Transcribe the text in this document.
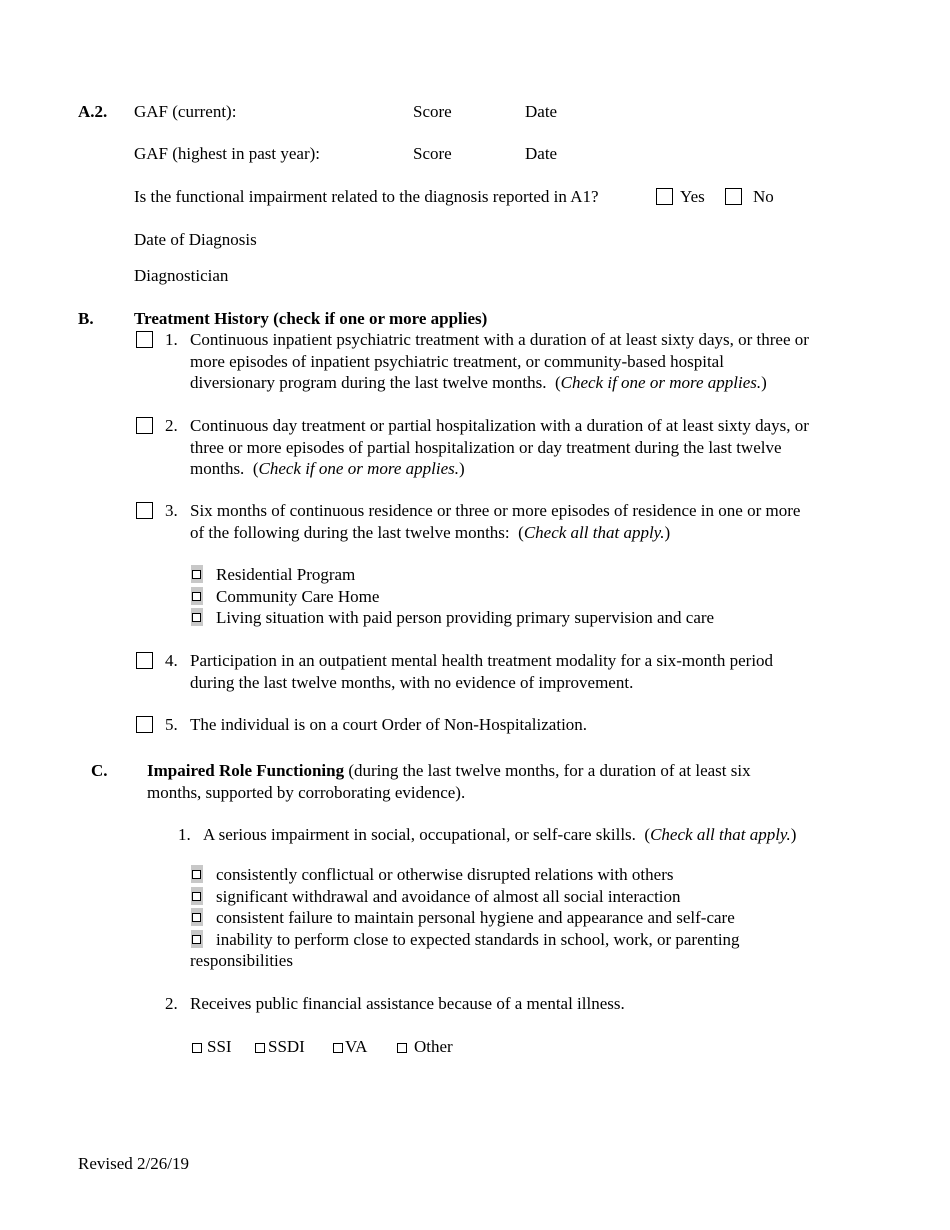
A.2. GAF (current):	Score	Date
GAF (highest in past year):	Score	Date
Is the functional impairment related to the diagnosis reported in A1?	Yes	No
Date of Diagnosis
Diagnostician
B. Treatment History (check if one or more applies)
1. Continuous inpatient psychiatric treatment with a duration of at least sixty days, or three or
more episodes of inpatient psychiatric treatment, or community-based hospital
diversionary program during the last twelve months.  (Check if one or more applies.)
2. Continuous day treatment or partial hospitalization with a duration of at least sixty days, or
three or more episodes of partial hospitalization or day treatment during the last twelve
months.  (Check if one or more applies.)
3. Six months of continuous residence or three or more episodes of residence in one or more
of the following during the last twelve months:  (Check all that apply.)
Residential Program
Community Care Home
Living situation with paid person providing primary supervision and care
4. Participation in an outpatient mental health treatment modality for a six-month period
during the last twelve months, with no evidence of improvement.
5. The individual is on a court Order of Non-Hospitalization.
C. Impaired Role Functioning (during the last twelve months, for a duration of at least six
months, supported by corroborating evidence).
1. A serious impairment in social, occupational, or self-care skills.  (Check all that apply.)
consistently conflictual or otherwise disrupted relations with others
significant withdrawal and avoidance of almost all social interaction
consistent failure to maintain personal hygiene and appearance and self-care
inability to perform close to expected standards in school, work, or parenting
responsibilities
2. Receives public financial assistance because of a mental illness.
SSI SSDI VA	Other
Revised 2/26/19
